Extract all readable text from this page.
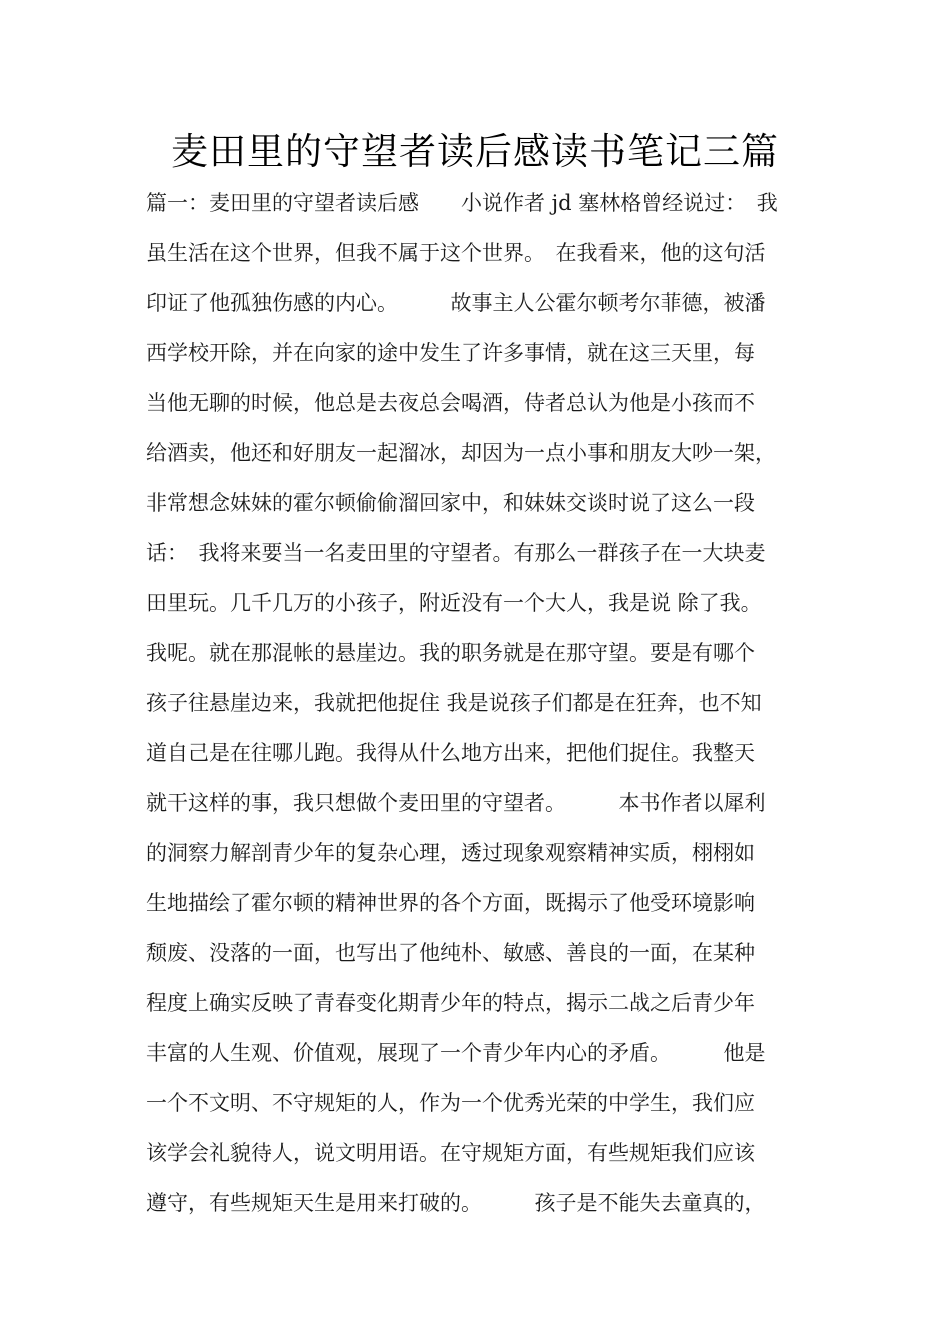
麦田里的守望者读后感读书笔记三篇
篇一：麦田里的守望者读后感　　小说作者 jd 塞林格曾经说过：　我
虽生活在这个世界，但我不属于这个世界。　在我看来，他的这句活
印证了他孤独伤感的内心。　　　故事主人公霍尔顿考尔菲德，被潘
西学校开除，并在向家的途中发生了许多事情，就在这三天里，每
当他无聊的时候，他总是去夜总会喝酒，侍者总认为他是小孩而不
给酒卖，他还和好朋友一起溜冰，却因为一点小事和朋友大吵一架，
非常想念妹妹的霍尔顿偷偷溜回家中，和妹妹交谈时说了这么一段
话：　我将来要当一名麦田里的守望者。有那么一群孩子在一大块麦
田里玩。几千几万的小孩子，附近没有一个大人，我是说 除了我。
我呢。就在那混帐的悬崖边。我的职务就是在那守望。要是有哪个
孩子往悬崖边来，我就把他捉住 我是说孩子们都是在狂奔，也不知
道自己是在往哪儿跑。我得从什么地方出来，把他们捉住。我整天
就干这样的事，我只想做个麦田里的守望者。　　　本书作者以犀利
的洞察力解剖青少年的复杂心理，透过现象观察精神实质，栩栩如
生地描绘了霍尔顿的精神世界的各个方面，既揭示了他受环境影响
颓废、没落的一面，也写出了他纯朴、敏感、善良的一面，在某种
程度上确实反映了青春变化期青少年的特点，揭示二战之后青少年
丰富的人生观、价值观，展现了一个青少年内心的矛盾。　　　他是
一个不文明、不守规矩的人，作为一个优秀光荣的中学生，我们应
该学会礼貌待人，说文明用语。在守规矩方面，有些规矩我们应该
遵守，有些规矩天生是用来打破的。　　　孩子是不能失去童真的，
